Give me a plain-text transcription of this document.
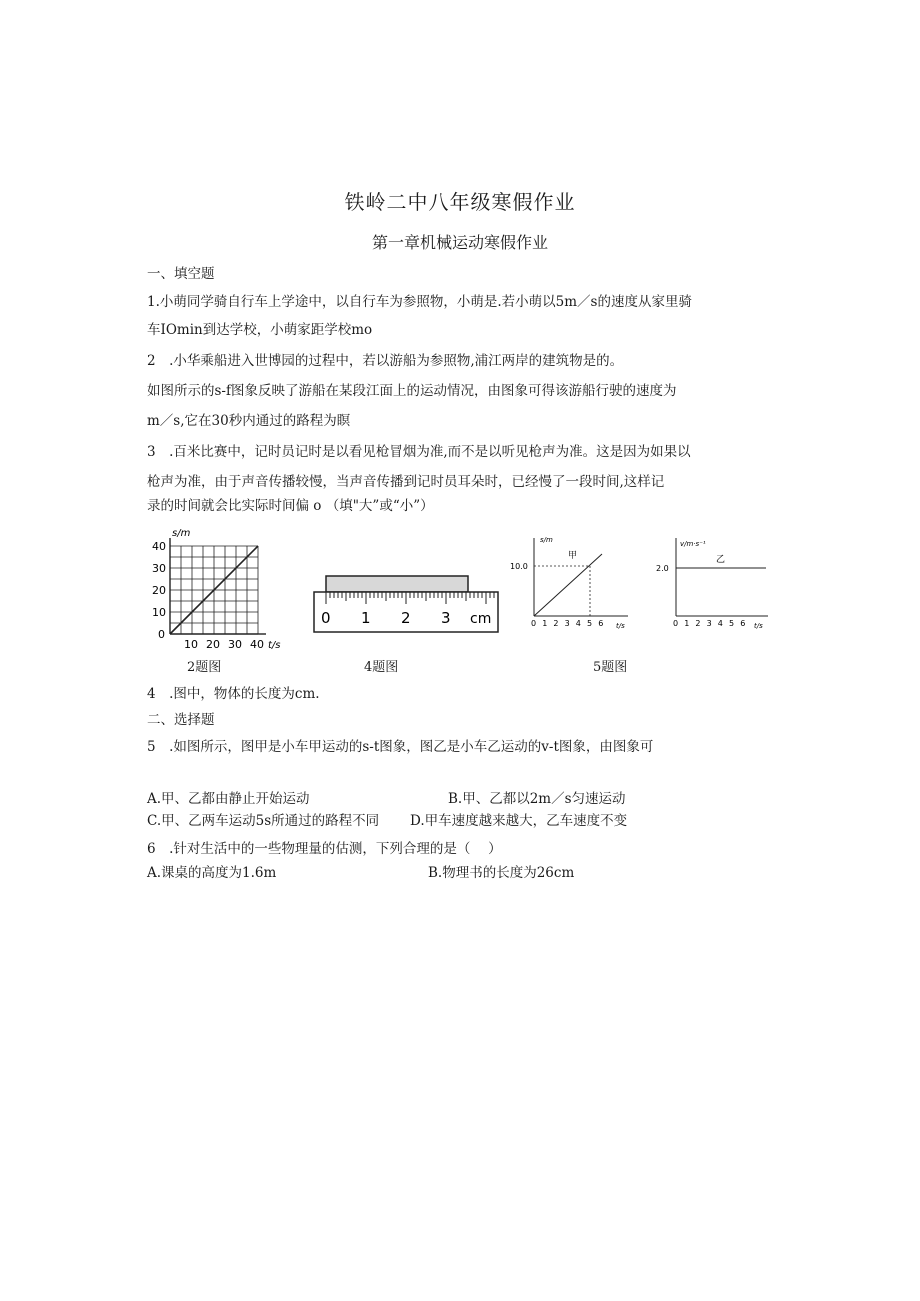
铁岭二中八年级寒假作业
第一章机械运动寒假作业
一、填空题
1.小萌同学骑自行车上学途中，以自行车为参照物，小萌是.若小萌以5m／s的速度从家里骑
车IOmin到达学校，小萌家距学校mo
2　.小华乘船进入世博园的过程中，若以游船为参照物,浦江两岸的建筑物是的。
如图所示的s-f图象反映了游船在某段江面上的运动情况，由图象可得该游船行驶的速度为
m／s,它在30秒内通过的路程为瞑
3　.百米比赛中，记时员记时是以看见枪冒烟为准,而不是以听见枪声为准。这是因为如果以
枪声为准，由于声音传播较慢，当声音传播到记时员耳朵时，已经慢了一段时间,这样记
录的时间就会比实际时间偏 o （填"大”或“小”）
s/m
t/s
40
30
20
10
0
10 20 30 40
0 1 2 3 cm
s/m
t/s
甲
10.0
0 1 2 3 4 5 6
v/m·s⁻¹
t/s
乙
2.0
0 1 2 3 4 5 6
2题图	4题图	5题图
4　.图中，物体的长度为cm.
二、选择题
5　.如图所示，图甲是小车甲运动的s-t图象，图乙是小车乙运动的v-t图象，由图象可
A.甲、乙都由静止开始运动	B.甲、乙都以2m／s匀速运动
C.甲、乙两车运动5s所通过的路程不同 D.甲车速度越来越大，乙车速度不变
6　.针对生活中的一些物理量的估测，下列合理的是（　 ）
A.课桌的高度为1.6m	B.物理书的长度为26cm
